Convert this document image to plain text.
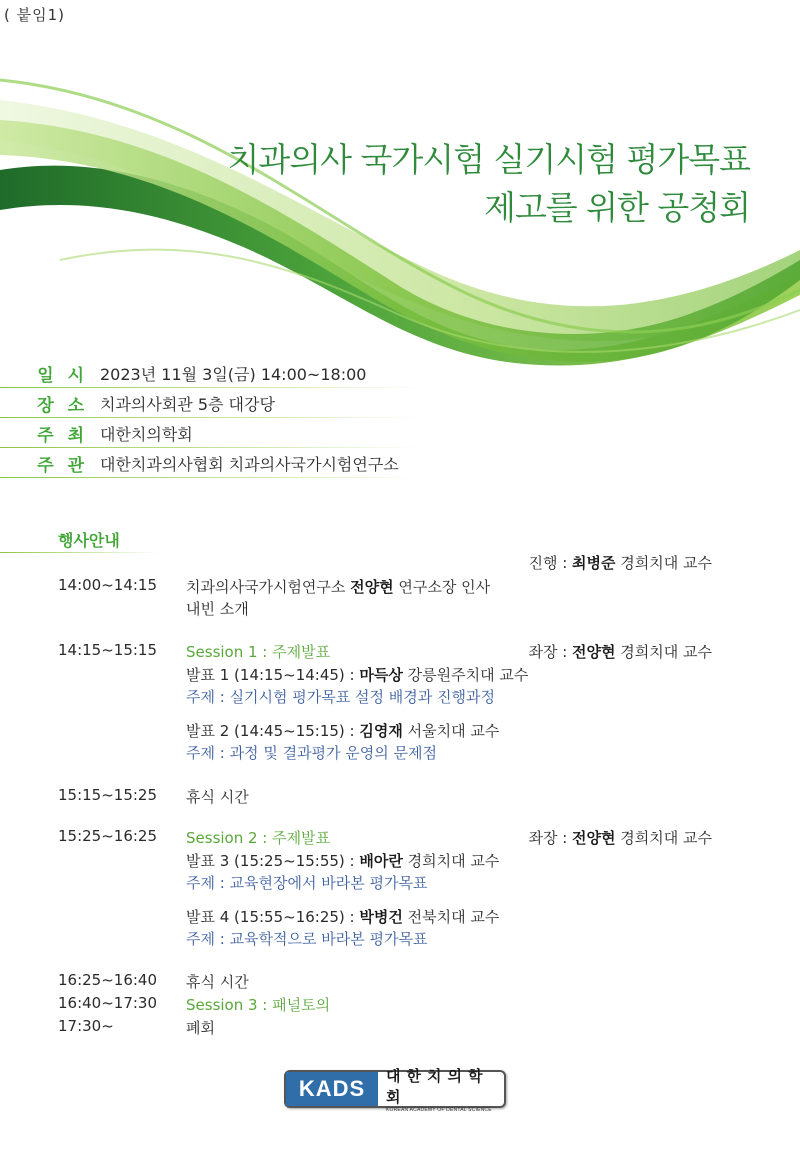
( 붙임1)
치과의사 국가시험 실기시험 평가목표
제고를 위한 공청회
일 시 2023년 11월 3일(금) 14:00~18:00
장 소 치과의사회관 5층 대강당
주 최 대한치의학회
주 관 대한치과의사협회 치과의사국가시험연구소
행사안내
진행 : 최병준 경희치대 교수
14:00~14:15 치과의사국가시험연구소 전양현 연구소장 인사
내빈 소개
14:15~15:15 Session 1 : 주제발표	좌장 : 전양현 경희치대 교수
발표 1 (14:15~14:45) : 마득상 강릉원주치대 교수
주제 : 실기시험 평가목표 설정 배경과 진행과정
발표 2 (14:45~15:15) : 김영재 서울치대 교수
주제 : 과정 및 결과평가 운영의 문제점
15:15~15:25 휴식 시간
15:25~16:25 Session 2 : 주제발표	좌장 : 전양현 경희치대 교수
발표 3 (15:25~15:55) : 배아란 경희치대 교수
주제 : 교육현장에서 바라본 평가목표
발표 4 (15:55~16:25) : 박병건 전북치대 교수
주제 : 교육학적으로 바라본 평가목표
16:25~16:40 휴식 시간
16:40~17:30 Session 3 : 패널토의
17:30~	폐회
KADS	대한치의학회
KOREAN ACADEMY OF DENTAL SCIENCE
